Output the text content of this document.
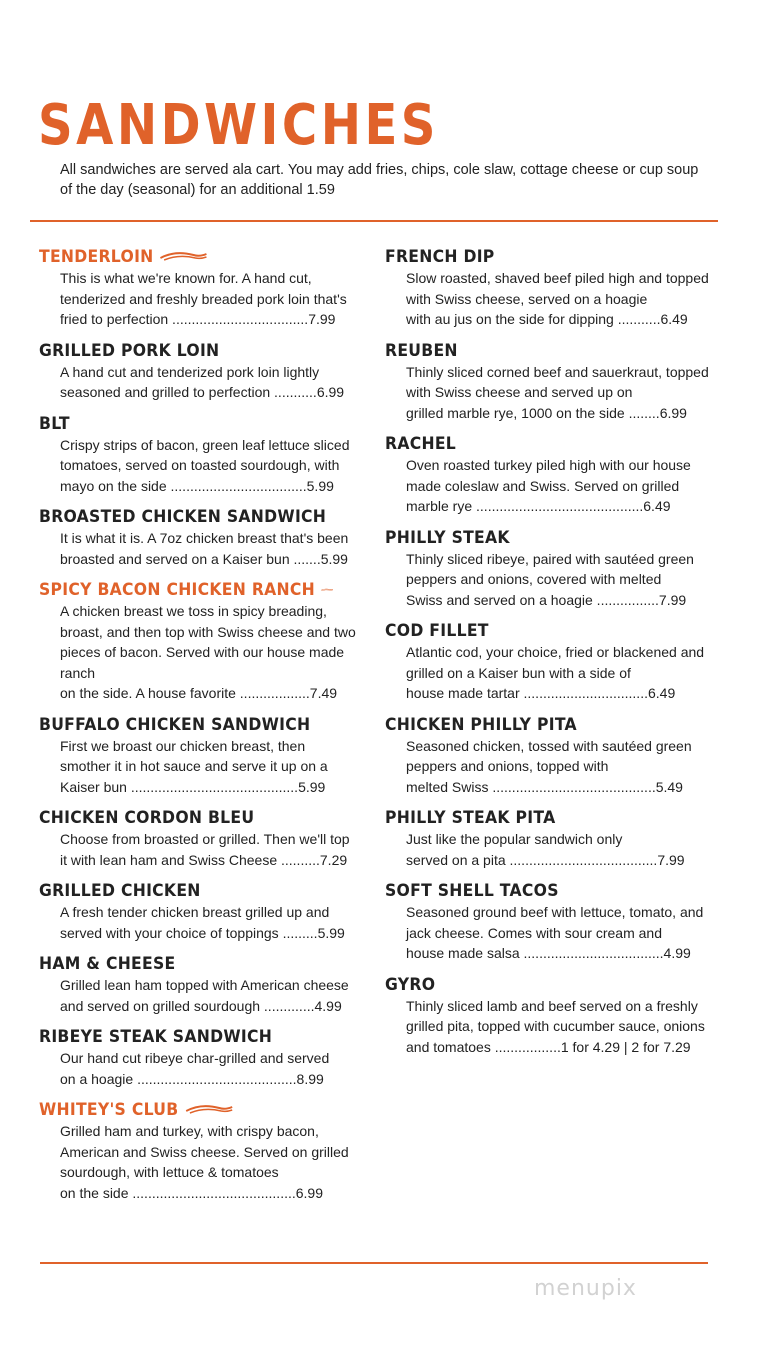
SANDWICHES

All sandwiches are served ala cart. You may add fries, chips, cole slaw, cottage cheese or cup soup of the day (seasonal) for an additional 1.59

TENDERLOIN

This is what we're known for. A hand cut, tenderized and freshly breaded pork loin that's
fried to perfection ...................................7.99

GRILLED PORK LOIN

A hand cut and tenderized pork loin lightly
seasoned and grilled to perfection ...........6.99

BLT

Crispy strips of bacon, green leaf lettuce sliced tomatoes, served on toasted sourdough, with
mayo on the side ...................................5.99

BROASTED CHICKEN SANDWICH

It is what it is. A 7oz chicken breast that's been
broasted and served on a Kaiser bun .......5.99

SPICY BACON CHICKEN RANCH

A chicken breast we toss in spicy breading, broast, and then top with Swiss cheese and two pieces of bacon. Served with our house made ranch
on the side. A house favorite ..................7.49

BUFFALO CHICKEN SANDWICH

First we broast our chicken breast, then smother it in hot sauce and serve it up on a
Kaiser bun ...........................................5.99

CHICKEN CORDON BLEU

Choose from broasted or grilled. Then we'll top
it with lean ham and Swiss Cheese ..........7.29

GRILLED CHICKEN

A fresh tender chicken breast grilled up and
served with your choice of toppings .........5.99

HAM & CHEESE

Grilled lean ham topped with American cheese
and served on grilled sourdough .............4.99

RIBEYE STEAK SANDWICH

Our hand cut ribeye char-grilled and served
on a hoagie .........................................8.99

WHITEY'S CLUB

Grilled ham and turkey, with crispy bacon, American and Swiss cheese. Served on grilled sourdough, with lettuce & tomatoes
on the side ..........................................6.99

FRENCH DIP

Slow roasted, shaved beef piled high and topped with Swiss cheese, served on a hoagie
with au jus on the side for dipping ...........6.49

REUBEN

Thinly sliced corned beef and sauerkraut, topped with Swiss cheese and served up on
grilled marble rye, 1000 on the side ........6.99

RACHEL

Oven roasted turkey piled high with our house made coleslaw and Swiss. Served on grilled
marble rye ...........................................6.49

PHILLY STEAK

Thinly sliced ribeye, paired with sautéed green peppers and onions, covered with melted
Swiss and served on a hoagie ................7.99

COD FILLET

Atlantic cod, your choice, fried or blackened and grilled on a Kaiser bun with a side of
house made tartar ................................6.49

CHICKEN PHILLY PITA

Seasoned chicken, tossed with sautéed green peppers and onions, topped with
melted Swiss ..........................................5.49

PHILLY STEAK PITA

Just like the popular sandwich only
served on a pita ......................................7.99

SOFT SHELL TACOS

Seasoned ground beef with lettuce, tomato, and jack cheese. Comes with sour cream and
house made salsa ....................................4.99

GYRO

Thinly sliced lamb and beef served on a freshly grilled pita, topped with cucumber sauce, onions
and tomatoes .................1 for 4.29 | 2 for 7.29

menupix
